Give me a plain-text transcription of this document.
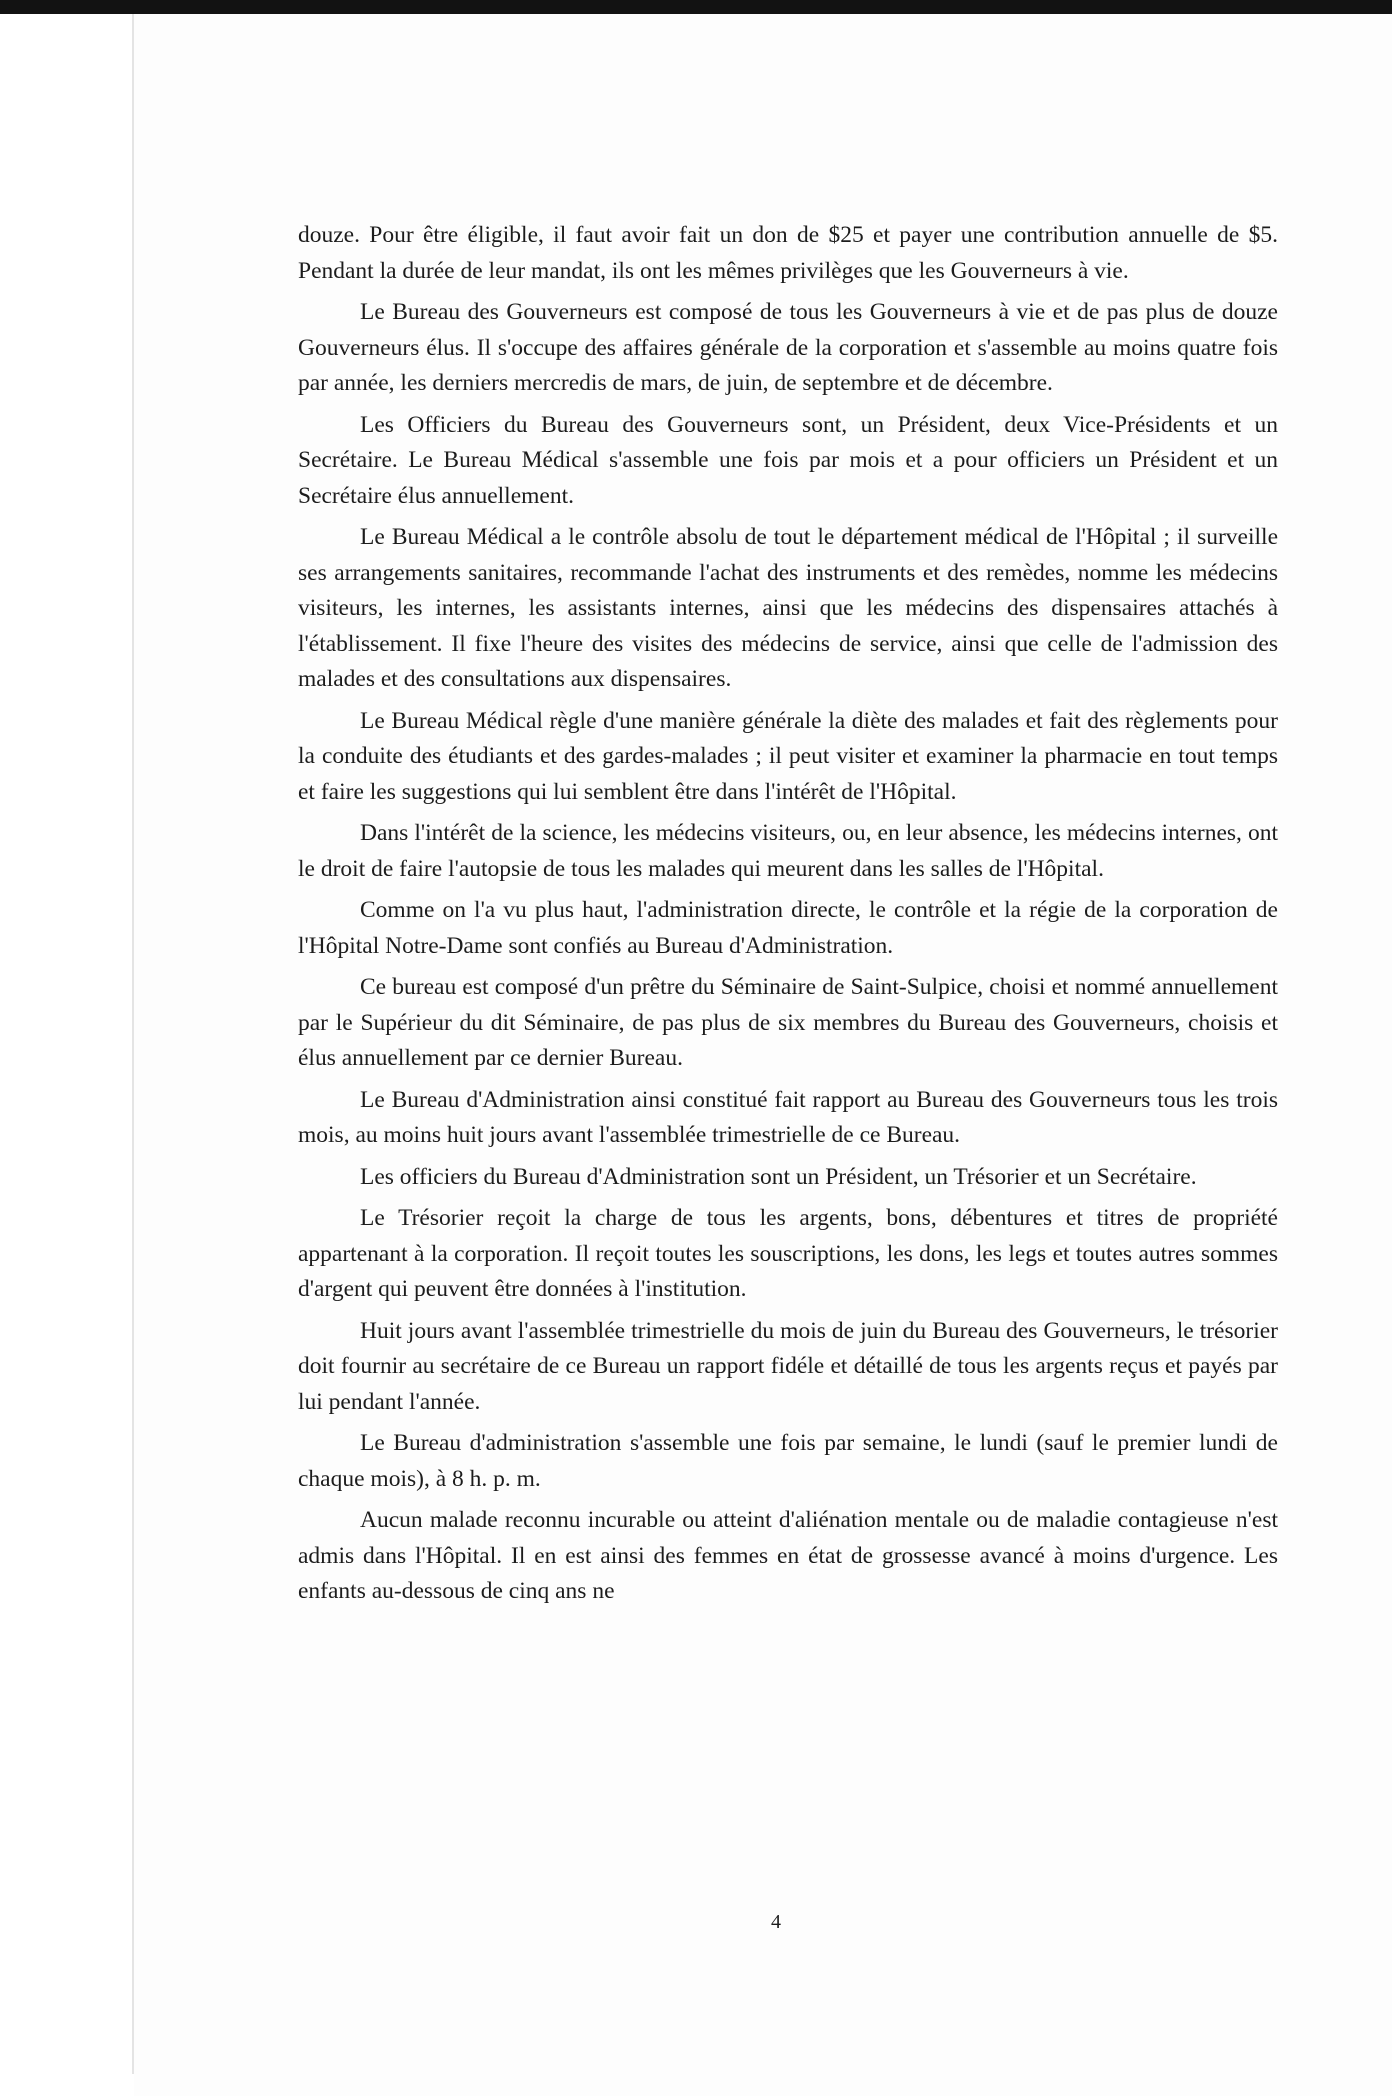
douze. Pour être éligible, il faut avoir fait un don de $25 et payer une contribution annuelle de $5. Pendant la durée de leur mandat, ils ont les mêmes privilèges que les Gouverneurs à vie.

Le Bureau des Gouverneurs est composé de tous les Gouverneurs à vie et de pas plus de douze Gouverneurs élus. Il s'occupe des affaires générale de la corporation et s'assemble au moins quatre fois par année, les derniers mercredis de mars, de juin, de septembre et de décembre.

Les Officiers du Bureau des Gouverneurs sont, un Président, deux Vice-Présidents et un Secrétaire. Le Bureau Médical s'assemble une fois par mois et a pour officiers un Président et un Secrétaire élus annuellement.

Le Bureau Médical a le contrôle absolu de tout le département médical de l'Hôpital ; il surveille ses arrangements sanitaires, recommande l'achat des instruments et des remèdes, nomme les médecins visiteurs, les internes, les assistants internes, ainsi que les médecins des dispensaires attachés à l'établissement. Il fixe l'heure des visites des médecins de service, ainsi que celle de l'admission des malades et des consultations aux dispensaires.

Le Bureau Médical règle d'une manière générale la diète des malades et fait des règlements pour la conduite des étudiants et des gardes-malades ; il peut visiter et examiner la pharmacie en tout temps et faire les suggestions qui lui semblent être dans l'intérêt de l'Hôpital.

Dans l'intérêt de la science, les médecins visiteurs, ou, en leur absence, les médecins internes, ont le droit de faire l'autopsie de tous les malades qui meurent dans les salles de l'Hôpital.

Comme on l'a vu plus haut, l'administration directe, le contrôle et la régie de la corporation de l'Hôpital Notre-Dame sont confiés au Bureau d'Administration.

Ce bureau est composé d'un prêtre du Séminaire de Saint-Sulpice, choisi et nommé annuellement par le Supérieur du dit Séminaire, de pas plus de six membres du Bureau des Gouverneurs, choisis et élus annuellement par ce dernier Bureau.

Le Bureau d'Administration ainsi constitué fait rapport au Bureau des Gouverneurs tous les trois mois, au moins huit jours avant l'assemblée trimestrielle de ce Bureau.

Les officiers du Bureau d'Administration sont un Président, un Trésorier et un Secrétaire.

Le Trésorier reçoit la charge de tous les argents, bons, débentures et titres de propriété appartenant à la corporation. Il reçoit toutes les souscriptions, les dons, les legs et toutes autres sommes d'argent qui peuvent être données à l'institution.

Huit jours avant l'assemblée trimestrielle du mois de juin du Bureau des Gouverneurs, le trésorier doit fournir au secrétaire de ce Bureau un rapport fidéle et détaillé de tous les argents reçus et payés par lui pendant l'année.

Le Bureau d'administration s'assemble une fois par semaine, le lundi (sauf le premier lundi de chaque mois), à 8 h. p. m.

Aucun malade reconnu incurable ou atteint d'aliénation mentale ou de maladie contagieuse n'est admis dans l'Hôpital. Il en est ainsi des femmes en état de grossesse avancé à moins d'urgence. Les enfants au-dessous de cinq ans ne

4
